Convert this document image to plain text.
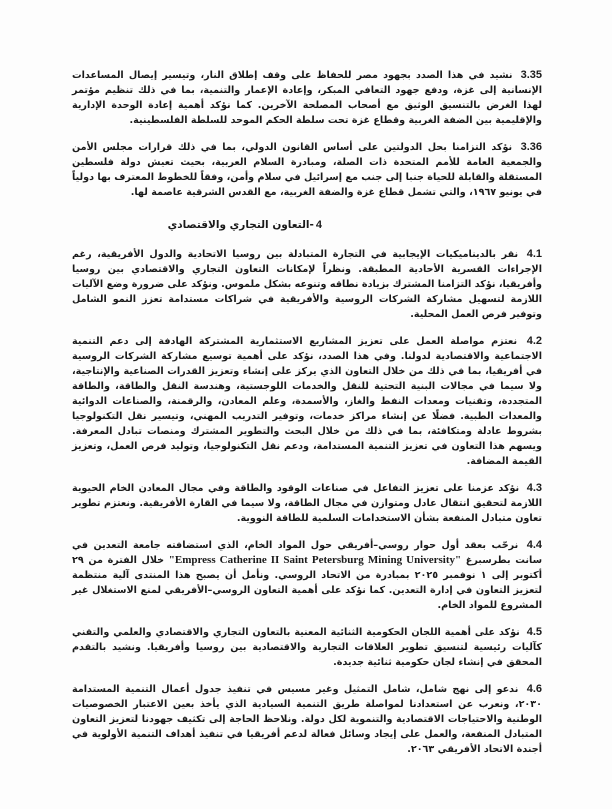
3.35 نشيد في هذا الصدد بجهود مصر للحفاظ على وقف إطلاق النار، وتيسير إيصال المساعدات الإنسانية إلى غزة، ودفع جهود التعافي المبكر، وإعادة الإعمار والتنمية، بما في ذلك تنظيم مؤتمر لهذا الغرض بالتنسيق الوثيق مع أصحاب المصلحة الآخرين. كما نؤكد أهمية إعادة الوحدة الإدارية والإقليمية بين الضفة الغربية وقطاع غزة تحت سلطة الحكم الموحد للسلطة الفلسطينية.
3.36 نؤكد التزامنا بحل الدولتين على أساس القانون الدولي، بما في ذلك قرارات مجلس الأمن والجمعية العامة للأمم المتحدة ذات الصلة، ومبادرة السلام العربية، بحيث تعيش دولة فلسطين المستقلة والقابلة للحياة جنبا إلى جنب مع إسرائيل في سلام وأمن، وفقاً للخطوط المعترف بها دولياً في يونيو ١٩٦٧، والتي تشمل قطاع غزة والضفة الغربية، مع القدس الشرقية عاصمة لها.
4-التعاون التجاري والاقتصادي
4.1 نقر بالديناميكيات الإيجابية في التجارة المتبادلة بين روسيا الاتحادية والدول الأفريقية، رغم الإجراءات القسرية الأحادية المطبقة. ونظراً لإمكانات التعاون التجاري والاقتصادي بين روسيا وأفريقيا، نؤكد التزامنا المشترك بزيادة نطاقه وتنوعه بشكل ملموس. ونؤكد على ضرورة وضع الآليات اللازمة لتسهيل مشاركة الشركات الروسية والأفريقية في شراكات مستدامة تعزز النمو الشامل وتوفير فرص العمل المحلية.
4.2 نعتزم مواصلة العمل على تعزيز المشاريع الاستثمارية المشتركة الهادفة إلى دعم التنمية الاجتماعية والاقتصادية لدولنا. وفي هذا الصدد، نؤكد على أهمية توسيع مشاركة الشركات الروسية في أفريقيا، بما في ذلك من خلال التعاون الذي يركز على إنشاء وتعزيز القدرات الصناعية والإنتاجية، ولا سيما في مجالات البنية التحتية للنقل والخدمات اللوجستية، وهندسة النقل والطاقة، والطاقة المتجددة، وتقنيات ومعدات النفط والغاز، والأسمدة، وعلم المعادن، والرقمنة، والصناعات الدوائية والمعدات الطبية. فضلًا عن إنشاء مراكز خدمات، وتوفير التدريب المهني، وتيسير نقل التكنولوجيا بشروط عادلة ومتكافئة، بما في ذلك من خلال البحث والتطوير المشترك ومنصات تبادل المعرفة. ويسهم هذا التعاون في تعزيز التنمية المستدامة، ودعم نقل التكنولوجيا، وتوليد فرص العمل، وتعزيز القيمة المضافة.
4.3 نؤكد عزمنا على تعزيز التفاعل في صناعات الوقود والطاقة وفي مجال المعادن الخام الحيوية اللازمة لتحقيق انتقال عادل ومتوازن في مجال الطاقة، ولا سيما في القارة الأفريقية. ونعتزم تطوير تعاون متبادل المنفعة بشأن الاستخدامات السلمية للطاقة النووية.
4.4 نرحّب بعقد أول حوار روسي–أفريقي حول المواد الخام، الذي استضافته جامعة التعدين في سانت بطرسبرغ "Empress Catherine II Saint Petersburg Mining University" خلال الفترة من ٢٩ أكتوبر إلى ١ نوفمبر ٢٠٢٥ بمبادرة من الاتحاد الروسي. ونأمل أن يصبح هذا المنتدى آلية منتظمة لتعزيز التعاون في إدارة التعدين. كما نؤكد على أهمية التعاون الروسي–الأفريقي لمنع الاستغلال غير المشروع للمواد الخام.
4.5 نؤكد على أهمية اللجان الحكومية الثنائية المعنية بالتعاون التجاري والاقتصادي والعلمي والتقني كآليات رئيسية لتنسيق تطوير العلاقات التجارية والاقتصادية بين روسيا وأفريقيا. ونشيد بالتقدم المحقق في إنشاء لجان حكومية ثنائية جديدة.
4.6 ندعو إلى نهج شامل، شامل التمثيل وغير مسيس في تنفيذ جدول أعمال التنمية المستدامة ٢٠٣٠، ونعرب عن استعدادنا لمواصلة طريق التنمية السيادية الذي يأخذ بعين الاعتبار الخصوصيات الوطنية والاحتياجات الاقتصادية والتنموية لكل دولة. ونلاحظ الحاجة إلى تكثيف جهودنا لتعزيز التعاون المتبادل المنفعة، والعمل على إيجاد وسائل فعالة لدعم أفريقيا في تنفيذ أهداف التنمية الأولوية في أجندة الاتحاد الأفريقي ٢٠٦٣.
